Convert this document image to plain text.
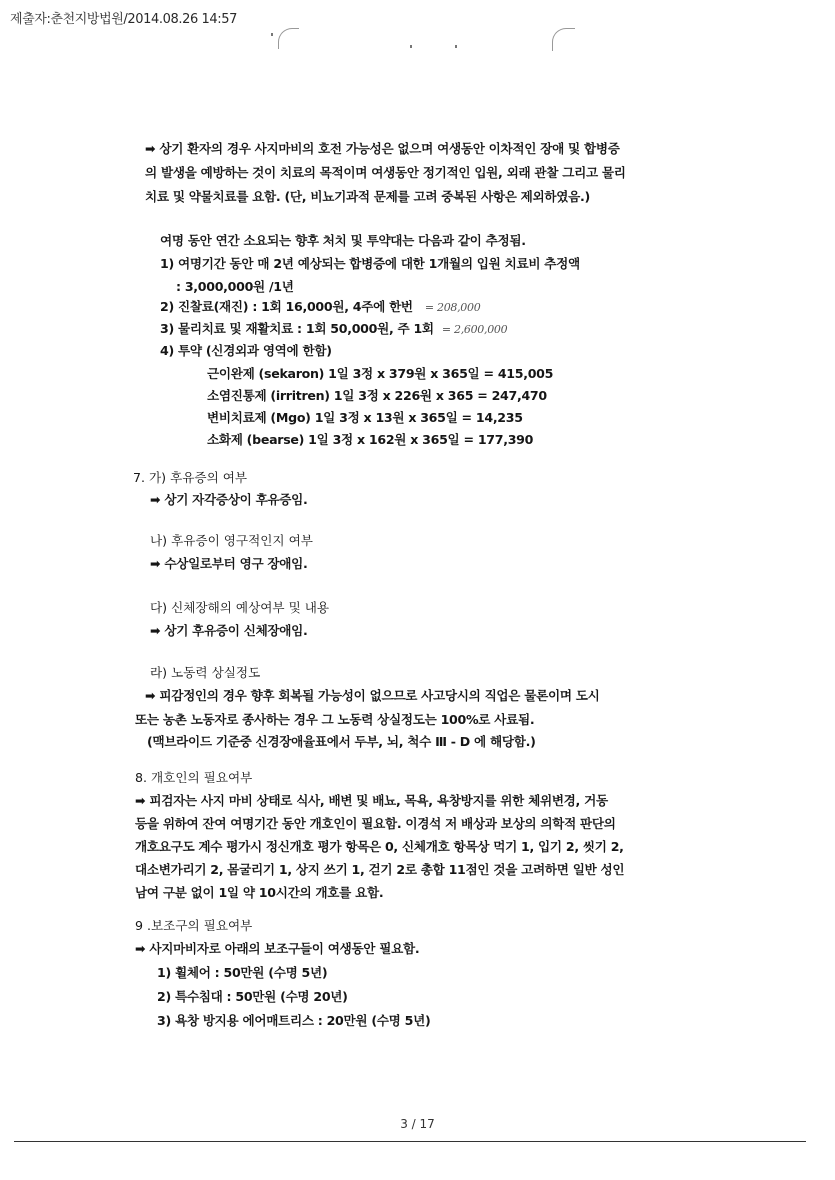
제출자:춘천지방법원/2014.08.26 14:57
➡ 상기 환자의 경우 사지마비의 호전 가능성은 없으며 여생동안 이차적인 장애 및 합병증
의 발생을 예방하는 것이 치료의 목적이며 여생동안 정기적인 입원, 외래 관찰 그리고 물리
치료 및 약물치료를 요함. (단, 비뇨기과적 문제를 고려 중복된 사항은 제외하였음.)
여명 동안 연간 소요되는 향후 처치 및 투약대는 다음과 같이 추정됨.
1) 여명기간 동안 매 2년 예상되는 합병증에 대한 1개월의 입원 치료비 추정액
: 3,000,000원 /1년
2) 진찰료(재진) : 1회 16,000원, 4주에 한번 = 208,000
3) 물리치료 및 재활치료 : 1회 50,000원, 주 1회 = 2,600,000
4) 투약 (신경외과 영역에 한함)
근이완제 (sekaron) 1일 3정 x 379원 x 365일 = 415,005
소염진통제 (irritren) 1일 3정 x 226원 x 365 = 247,470
변비치료제 (Mgo) 1일 3정 x 13원 x 365일 = 14,235
소화제 (bearse) 1일 3정 x 162원 x 365일 = 177,390
7. 가) 후유증의 여부
➡ 상기 자각증상이 후유증임.
나) 후유증이 영구적인지 여부
➡ 수상일로부터 영구 장애임.
다) 신체장해의 예상여부 및 내용
➡ 상기 후유증이 신체장애임.
라) 노동력 상실정도
➡ 피감정인의 경우 향후 회복될 가능성이 없으므로 사고당시의 직업은 물론이며 도시
또는 농촌 노동자로 종사하는 경우 그 노동력 상실정도는 100%로 사료됨.
(맥브라이드 기준중 신경장애율표에서 두부, 뇌, 척수 Ⅲ - D 에 해당함.)
8. 개호인의 필요여부
➡ 피검자는 사지 마비 상태로 식사, 배변 및 배뇨, 목욕, 욕창방지를 위한 체위변경, 거동
등을 위하여 잔여 여명기간 동안 개호인이 필요함. 이경석 저 배상과 보상의 의학적 판단의
개호요구도 계수 평가시 정신개호 평가 항목은 0, 신체개호 항목상 먹기 1, 입기 2, 씻기 2,
대소변가리기 2, 몸굴리기 1, 상지 쓰기 1, 걷기 2로 총합 11점인 것을 고려하면 일반 성인
남여 구분 없이 1일 약 10시간의 개호를 요함.
9 .보조구의 필요여부
➡ 사지마비자로 아래의 보조구들이 여생동안 필요함.
1) 휠체어 : 50만원 (수명 5년)
2) 특수침대 : 50만원 (수명 20년)
3) 욕창 방지용 에어매트리스 : 20만원 (수명 5년)
3 / 17
